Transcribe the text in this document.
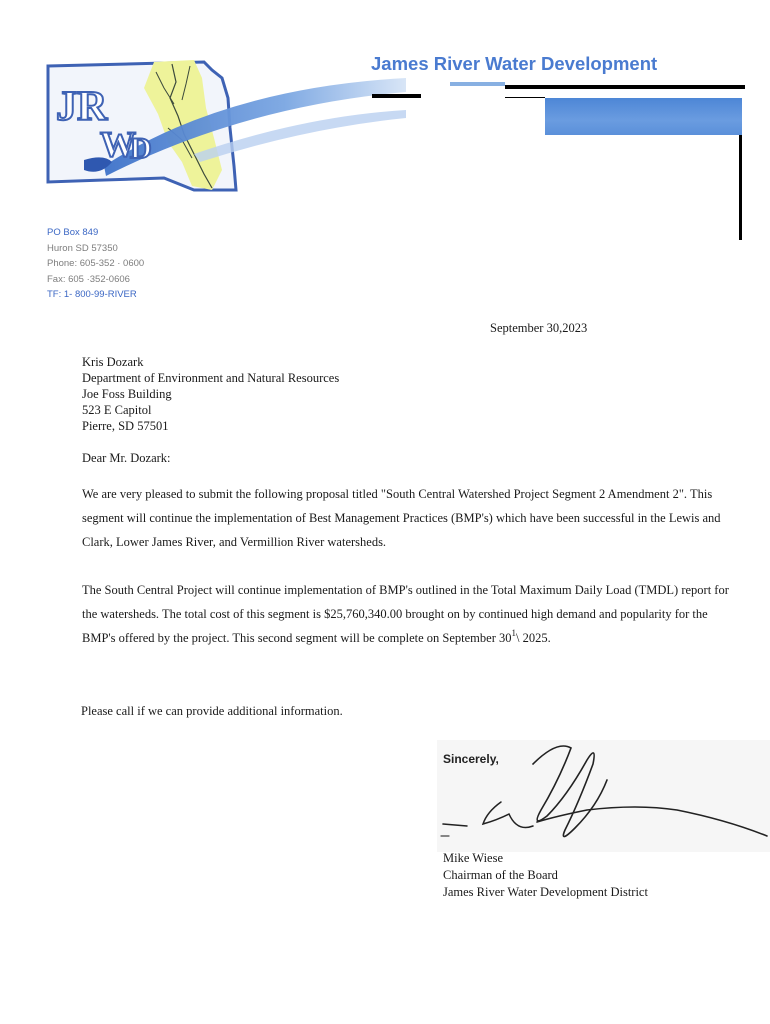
JR
W
D
James River Water Development
PO Box 849
Huron SD 57350
Phone: 605-352 · 0600
Fax: 605 ·352-0606
TF: 1- 800-99-RIVER
September 30,2023
Kris Dozark
Department of Environment and Natural Resources
Joe Foss Building
523 E Capitol
Pierre, SD 57501
Dear Mr. Dozark:

We are very pleased to submit the following proposal titled "South Central Watershed Project Segment 2 Amendment 2". This segment will continue the implementation of Best Management Practices (BMP's) which have been successful in the Lewis and Clark, Lower James River, and Vermillion River watersheds.

The South Central Project will continue implementation of BMP's outlined in the Total Maximum Daily Load (TMDL) report for the watersheds. The total cost of this segment is $25,760,340.00 brought on by continued high demand and popularity for the BMP's offered by the project. This second segment will be complete on September $30^1\backslash$ 2025.

Please call if we can provide additional information.
Sincerely,
Mike Wiese
Chairman of the Board
James River Water Development District
